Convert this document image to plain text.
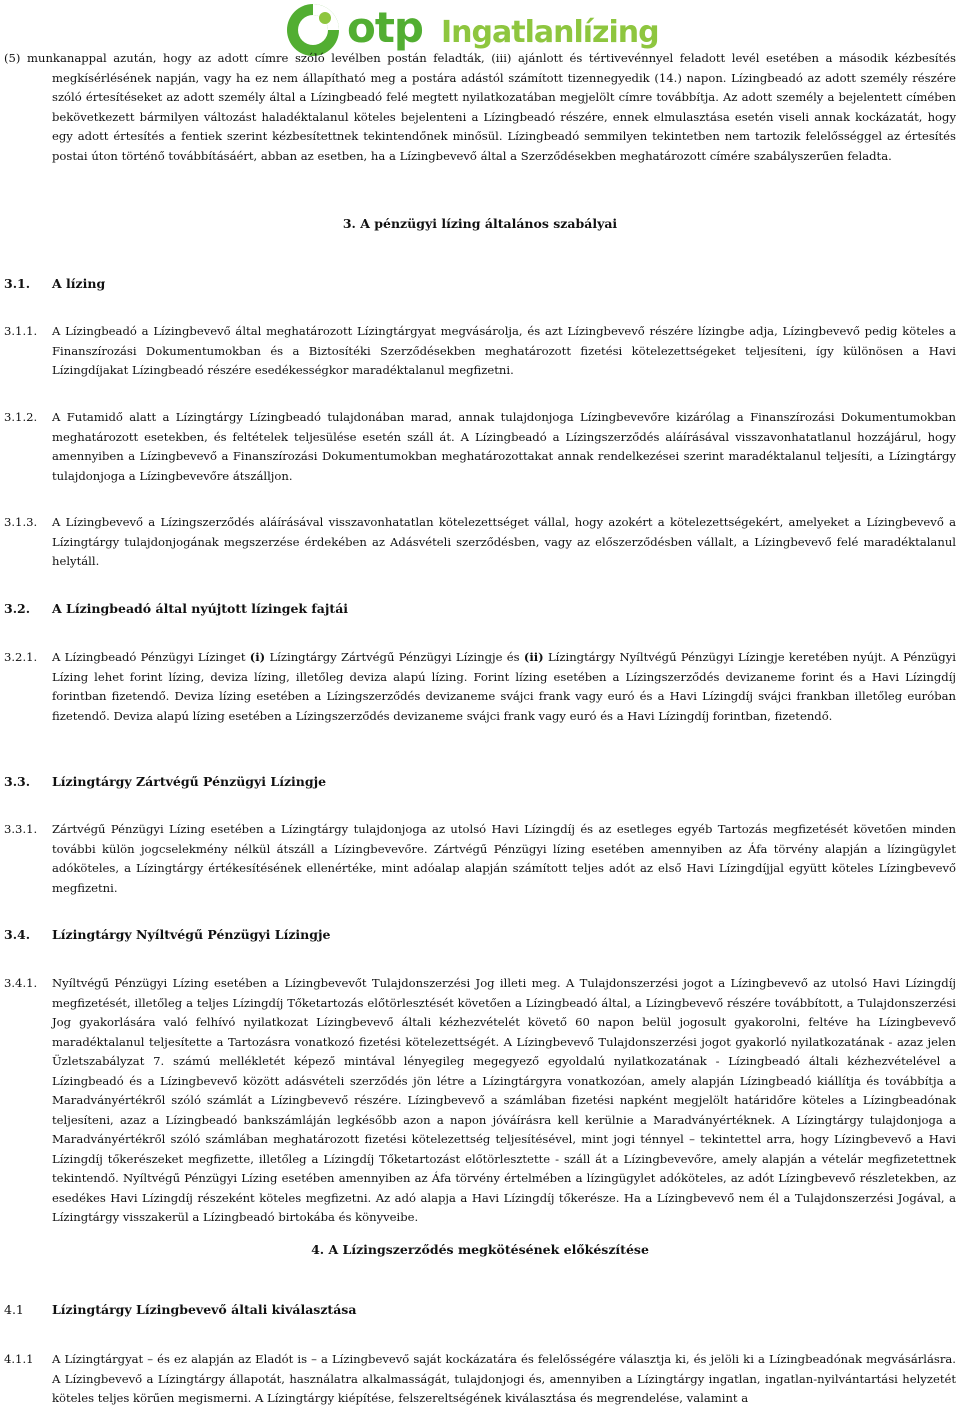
otp Ingatlanlízing
(5) munkanappal azután, hogy az adott címre szóló levélben postán feladták, (iii) ajánlott és tértivevénnyel feladott levél esetében a második kézbesítés megkísérlésének napján, vagy ha ez nem állapítható meg a postára adástól számított tizennegyedik (14.) napon. Lízingbeadó az adott személy részére szóló értesítéseket az adott személy által a Lízingbeadó felé megtett nyilatkozatában megjelölt címre továbbítja. Az adott személy a bejelentett címében bekövetkezett bármilyen változást haladéktalanul köteles bejelenteni a Lízingbeadó részére, ennek elmulasztása esetén viseli annak kockázatát, hogy egy adott értesítés a fentiek szerint kézbesítettnek tekintendőnek minősül. Lízingbeadó semmilyen tekintetben nem tartozik felelősséggel az értesítés postai úton történő továbbításáért, abban az esetben, ha a Lízingbevevő által a Szerződésekben meghatározott címére szabályszerűen feladta.
3. A pénzügyi lízing általános szabályai
3.1. A lízing
3.1.1. A Lízingbeadó a Lízingbevevő által meghatározott Lízingtárgyat megvásárolja, és azt Lízingbevevő részére lízingbe adja, Lízingbevevő pedig köteles a Finanszírozási Dokumentumokban és a Biztosítéki Szerződésekben meghatározott fizetési kötelezettségeket teljesíteni, így különösen a Havi Lízingdíjakat Lízingbeadó részére esedékességkor maradéktalanul megfizetni.
3.1.2. A Futamidő alatt a Lízingtárgy Lízingbeadó tulajdonában marad, annak tulajdonjoga Lízingbevevőre kizárólag a Finanszírozási Dokumentumokban meghatározott esetekben, és feltételek teljesülése esetén száll át. A Lízingbeadó a Lízingszerződés aláírásával visszavonhatatlanul hozzájárul, hogy amennyiben a Lízingbevevő a Finanszírozási Dokumentumokban meghatározottakat annak rendelkezései szerint maradéktalanul teljesíti, a Lízingtárgy tulajdonjoga a Lízingbevevőre átszálljon.
3.1.3. A Lízingbevevő a Lízingszerződés aláírásával visszavonhatatlan kötelezettséget vállal, hogy azokért a kötelezettségekért, amelyeket a Lízingbevevő a Lízingtárgy tulajdonjogának megszerzése érdekében az Adásvételi szerződésben, vagy az előszerződésben vállalt, a Lízingbevevő felé maradéktalanul helytáll.
3.2. A Lízingbeadó által nyújtott lízingek fajtái
3.2.1. A Lízingbeadó Pénzügyi Lízinget (i) Lízingtárgy Zártvégű Pénzügyi Lízingje és (ii) Lízingtárgy Nyíltvégű Pénzügyi Lízingje keretében nyújt. A Pénzügyi Lízing lehet forint lízing, deviza lízing, illetőleg deviza alapú lízing. Forint lízing esetében a Lízingszerződés devizaneme forint és a Havi Lízingdíj forintban fizetendő. Deviza lízing esetében a Lízingszerződés devizaneme svájci frank vagy euró és a Havi Lízingdíj svájci frankban illetőleg euróban fizetendő. Deviza alapú lízing esetében a Lízingszerződés devizaneme svájci frank vagy euró és a Havi Lízingdíj forintban, fizetendő.
3.3. Lízingtárgy Zártvégű Pénzügyi Lízingje
3.3.1. Zártvégű Pénzügyi Lízing esetében a Lízingtárgy tulajdonjoga az utolsó Havi Lízingdíj és az esetleges egyéb Tartozás megfizetését követően minden további külön jogcselekmény nélkül átszáll a Lízingbevevőre. Zártvégű Pénzügyi lízing esetében amennyiben az Áfa törvény alapján a lízingügylet adóköteles, a Lízingtárgy értékesítésének ellenértéke, mint adóalap alapján számított teljes adót az első Havi Lízingdíjjal együtt köteles Lízingbevevő megfizetni.
3.4. Lízingtárgy Nyíltvégű Pénzügyi Lízingje
3.4.1. Nyíltvégű Pénzügyi Lízing esetében a Lízingbevevőt Tulajdonszerzési Jog illeti meg. A Tulajdonszerzési jogot a Lízingbevevő az utolsó Havi Lízingdíj megfizetését, illetőleg a teljes Lízingdíj Tőketartozás előtörlesztését követően a Lízingbeadó által, a Lízingbevevő részére továbbított, a Tulajdonszerzési Jog gyakorlására való felhívó nyilatkozat Lízingbevevő általi kézhezvételét követő 60 napon belül jogosult gyakorolni, feltéve ha Lízingbevevő maradéktalanul teljesítette a Tartozásra vonatkozó fizetési kötelezettségét. A Lízingbevevő Tulajdonszerzési jogot gyakorló nyilatkozatának - azaz jelen Üzletszabályzat 7. számú mellékletét képező mintával lényegileg megegyező egyoldalú nyilatkozatának - Lízingbeadó általi kézhezvételével a Lízingbeadó és a Lízingbevevő között adásvételi szerződés jön létre a Lízingtárgyra vonatkozóan, amely alapján Lízingbeadó kiállítja és továbbítja a Maradványértékről szóló számlát a Lízingbevevő részére. Lízingbevevő a számlában fizetési napként megjelölt határidőre köteles a Lízingbeadónak teljesíteni, azaz a Lízingbeadó bankszámláján legkésőbb azon a napon jóváírásra kell kerülnie a Maradványértéknek. A Lízingtárgy tulajdonjoga a Maradványértékről szóló számlában meghatározott fizetési kötelezettség teljesítésével, mint jogi ténnyel – tekintettel arra, hogy Lízingbevevő a Havi Lízingdíj tőkerészeket megfizette, illetőleg a Lízingdíj Tőketartozást előtörlesztette - száll át a Lízingbevevőre, amely alapján a vételár megfizetettnek tekintendő. Nyíltvégű Pénzügyi Lízing esetében amennyiben az Áfa törvény értelmében a lízingügylet adóköteles, az adót Lízingbevevő részletekben, az esedékes Havi Lízingdíj részeként köteles megfizetni. Az adó alapja a Havi Lízingdíj tőkerésze. Ha a Lízingbevevő nem él a Tulajdonszerzési Jogával, a Lízingtárgy visszakerül a Lízingbeadó birtokába és könyveibe.
4. A Lízingszerződés megkötésének előkészítése
4.1 Lízingtárgy Lízingbevevő általi kiválasztása
4.1.1 A Lízingtárgyat – és ez alapján az Eladót is – a Lízingbevevő saját kockázatára és felelősségére választja ki, és jelöli ki a Lízingbeadónak megvásárlásra. A Lízingbevevő a Lízingtárgy állapotát, használatra alkalmasságát, tulajdonjogi és, amennyiben a Lízingtárgy ingatlan, ingatlan-nyilvántartási helyzetét köteles teljes körűen megismerni. A Lízingtárgy kiépítése, felszereltségének kiválasztása és megrendelése, valamint a
